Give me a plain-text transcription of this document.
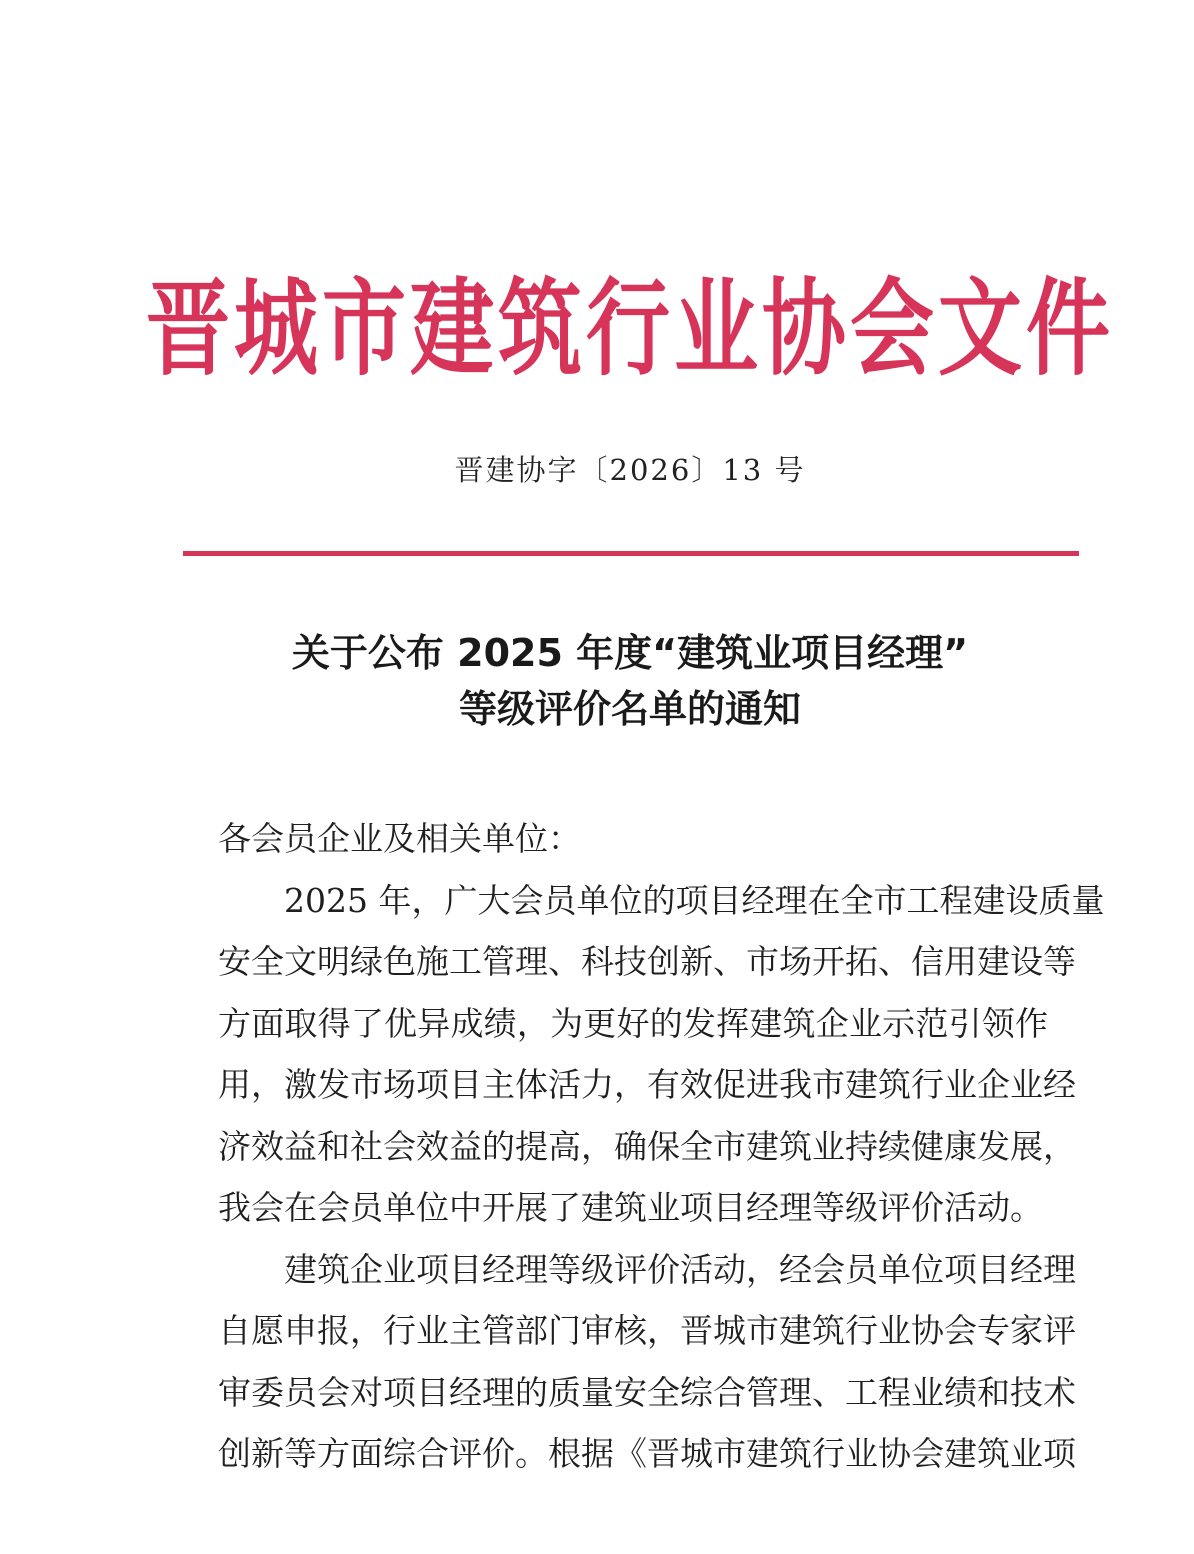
晋城市建筑行业协会文件
晋建协字〔2026〕13 号
关于公布 2025 年度“建筑业项目经理”
等级评价名单的通知
各会员企业及相关单位：
2025 年，广大会员单位的项目经理在全市工程建设质量
安全文明绿色施工管理、科技创新、市场开拓、信用建设等
方面取得了优异成绩，为更好的发挥建筑企业示范引领作
用，激发市场项目主体活力，有效促进我市建筑行业企业经
济效益和社会效益的提高，确保全市建筑业持续健康发展，
我会在会员单位中开展了建筑业项目经理等级评价活动。
建筑企业项目经理等级评价活动，经会员单位项目经理
自愿申报，行业主管部门审核，晋城市建筑行业协会专家评
审委员会对项目经理的质量安全综合管理、工程业绩和技术
创新等方面综合评价。根据《晋城市建筑行业协会建筑业项
